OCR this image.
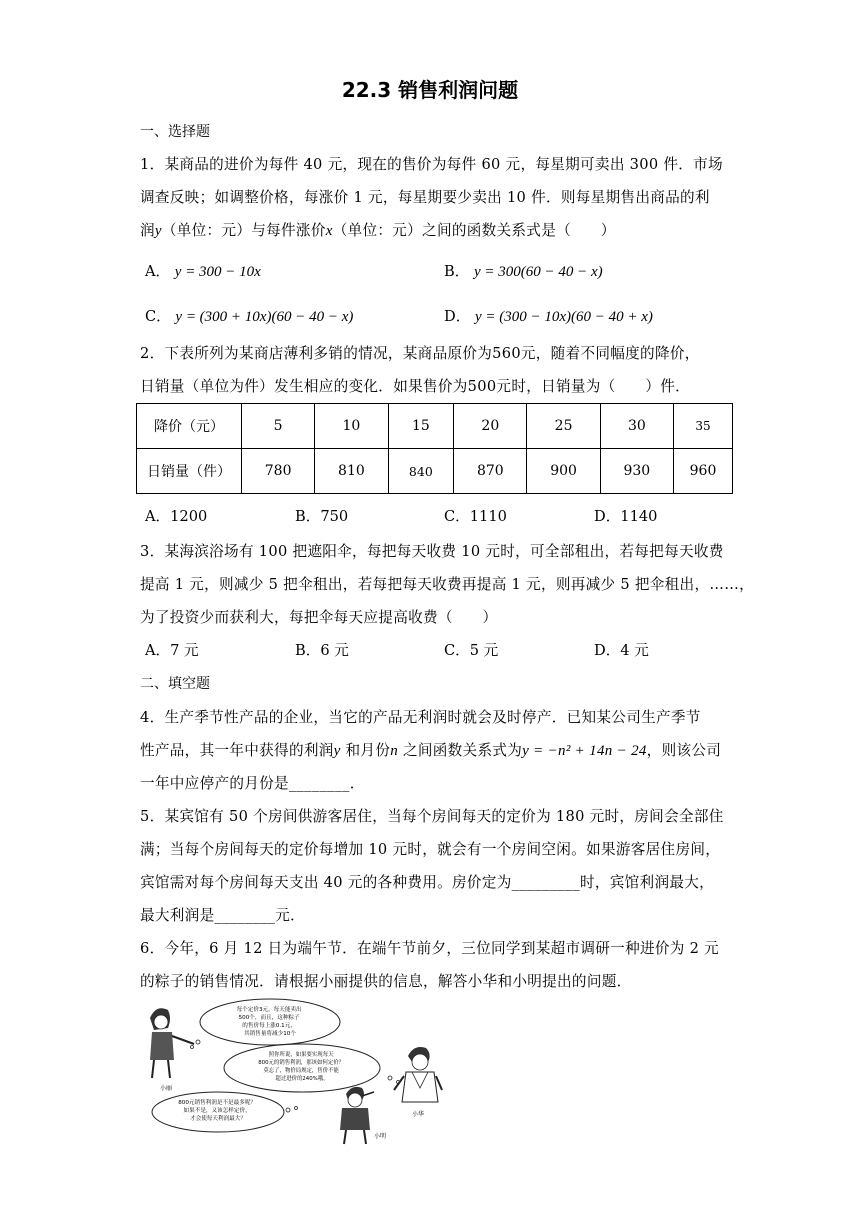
22.3 销售利润问题
一、选择题
1．某商品的进价为每件 40 元，现在的售价为每件 60 元，每星期可卖出 300 件．市场
调查反映；如调整价格，每涨价 1 元，每星期要少卖出 10 件．则每星期售出商品的利
润y（单位：元）与每件涨价x（单位：元）之间的函数关系式是（　　）
A． y = 300 − 10x	B． y = 300(60 − 40 − x)
C． y = (300 + 10x)(60 − 40 − x)	D． y = (300 − 10x)(60 − 40 + x)
2．下表所列为某商店薄利多销的情况，某商品原价为560元，随着不同幅度的降价，
日销量（单位为件）发生相应的变化．如果售价为500元时，日销量为（　　）件．
降价（元）	5	10	15	20	25	30	35
日销量（件）	780	810	840	870	900	930	960
A．1200	B．750	C．1110	D．1140
3．某海滨浴场有 100 把遮阳伞，每把每天收费 10 元时，可全部租出，若每把每天收费
提高 1 元，则减少 5 把伞租出，若每把每天收费再提高 1 元，则再减少 5 把伞租出，……，
为了投资少而获利大，每把伞每天应提高收费（　　）
A．7 元	B．6 元	C．5 元	D．4 元
二、填空题
4．生产季节性产品的企业，当它的产品无利润时就会及时停产．已知某公司生产季节
性产品，其一年中获得的利润y 和月份n 之间函数关系式为y = −n² + 14n − 24，则该公司
一年中应停产的月份是________．
5．某宾馆有 50 个房间供游客居住，当每个房间每天的定价为 180 元时，房间会全部住
满；当每个房间每天的定价每增加 10 元时，就会有一个房间空闲。如果游客居住房间，
宾馆需对每个房间每天支出 40 元的各种费用。房价定为_________时，宾馆利润最大，
最大利润是________元．
6．今年，6 月 12 日为端午节．在端午节前夕，三位同学到某超市调研一种进价为 2 元
的粽子的销售情况．请根据小丽提供的信息，解答小华和小明提出的问题．
每个定价3元，每天能卖出 500个，而且，这种粽子 的售价每上涨0.1元， 其销售量将减少10个
照你所说，如果要实现每天 800元的销售利润，那该如何定价？ 莫忘了，物价局规定，售价不能 超过进价的240%哦。
800元销售利润是不是最多呢？ 如果不是，又该怎样定价， 才会使每天利润最大？
小丽
小华
小明
